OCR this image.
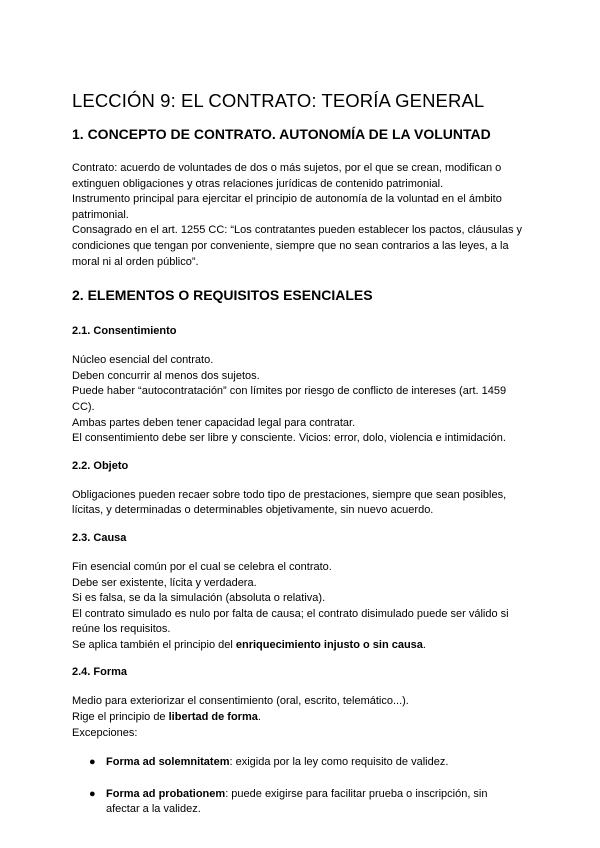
LECCIÓN 9: EL CONTRATO: TEORÍA GENERAL
1. CONCEPTO DE CONTRATO. AUTONOMÍA DE LA VOLUNTAD

Contrato: acuerdo de voluntades de dos o más sujetos, por el que se crean, modifican o

extinguen obligaciones y otras relaciones jurídicas de contenido patrimonial.

Instrumento principal para ejercitar el principio de autonomía de la voluntad en el ámbito

patrimonial.

Consagrado en el art. 1255 CC: “Los contratantes pueden establecer los pactos, cláusulas y

condiciones que tengan por conveniente, siempre que no sean contrarios a las leyes, a la

moral ni al orden público”.

2. ELEMENTOS O REQUISITOS ESENCIALES
2.1. Consentimiento

Núcleo esencial del contrato.

Deben concurrir al menos dos sujetos.

Puede haber “autocontratación” con límites por riesgo de conflicto de intereses (art. 1459

CC).

Ambas partes deben tener capacidad legal para contratar.

El consentimiento debe ser libre y consciente. Vicios: error, dolo, violencia e intimidación.

2.2. Objeto

Obligaciones pueden recaer sobre todo tipo de prestaciones, siempre que sean posibles,

lícitas, y determinadas o determinables objetivamente, sin nuevo acuerdo.

2.3. Causa

Fin esencial común por el cual se celebra el contrato.

Debe ser existente, lícita y verdadera.

Si es falsa, se da la simulación (absoluta o relativa).

El contrato simulado es nulo por falta de causa; el contrato disimulado puede ser válido si

reúne los requisitos.

Se aplica también el principio del enriquecimiento injusto o sin causa.

2.4. Forma

Medio para exteriorizar el consentimiento (oral, escrito, telemático...).

Rige el principio de libertad de forma.

Excepciones:

● Forma ad solemnitatem: exigida por la ley como requisito de validez.
● Forma ad probationem: puede exigirse para facilitar prueba o inscripción, sin
afectar a la validez.
